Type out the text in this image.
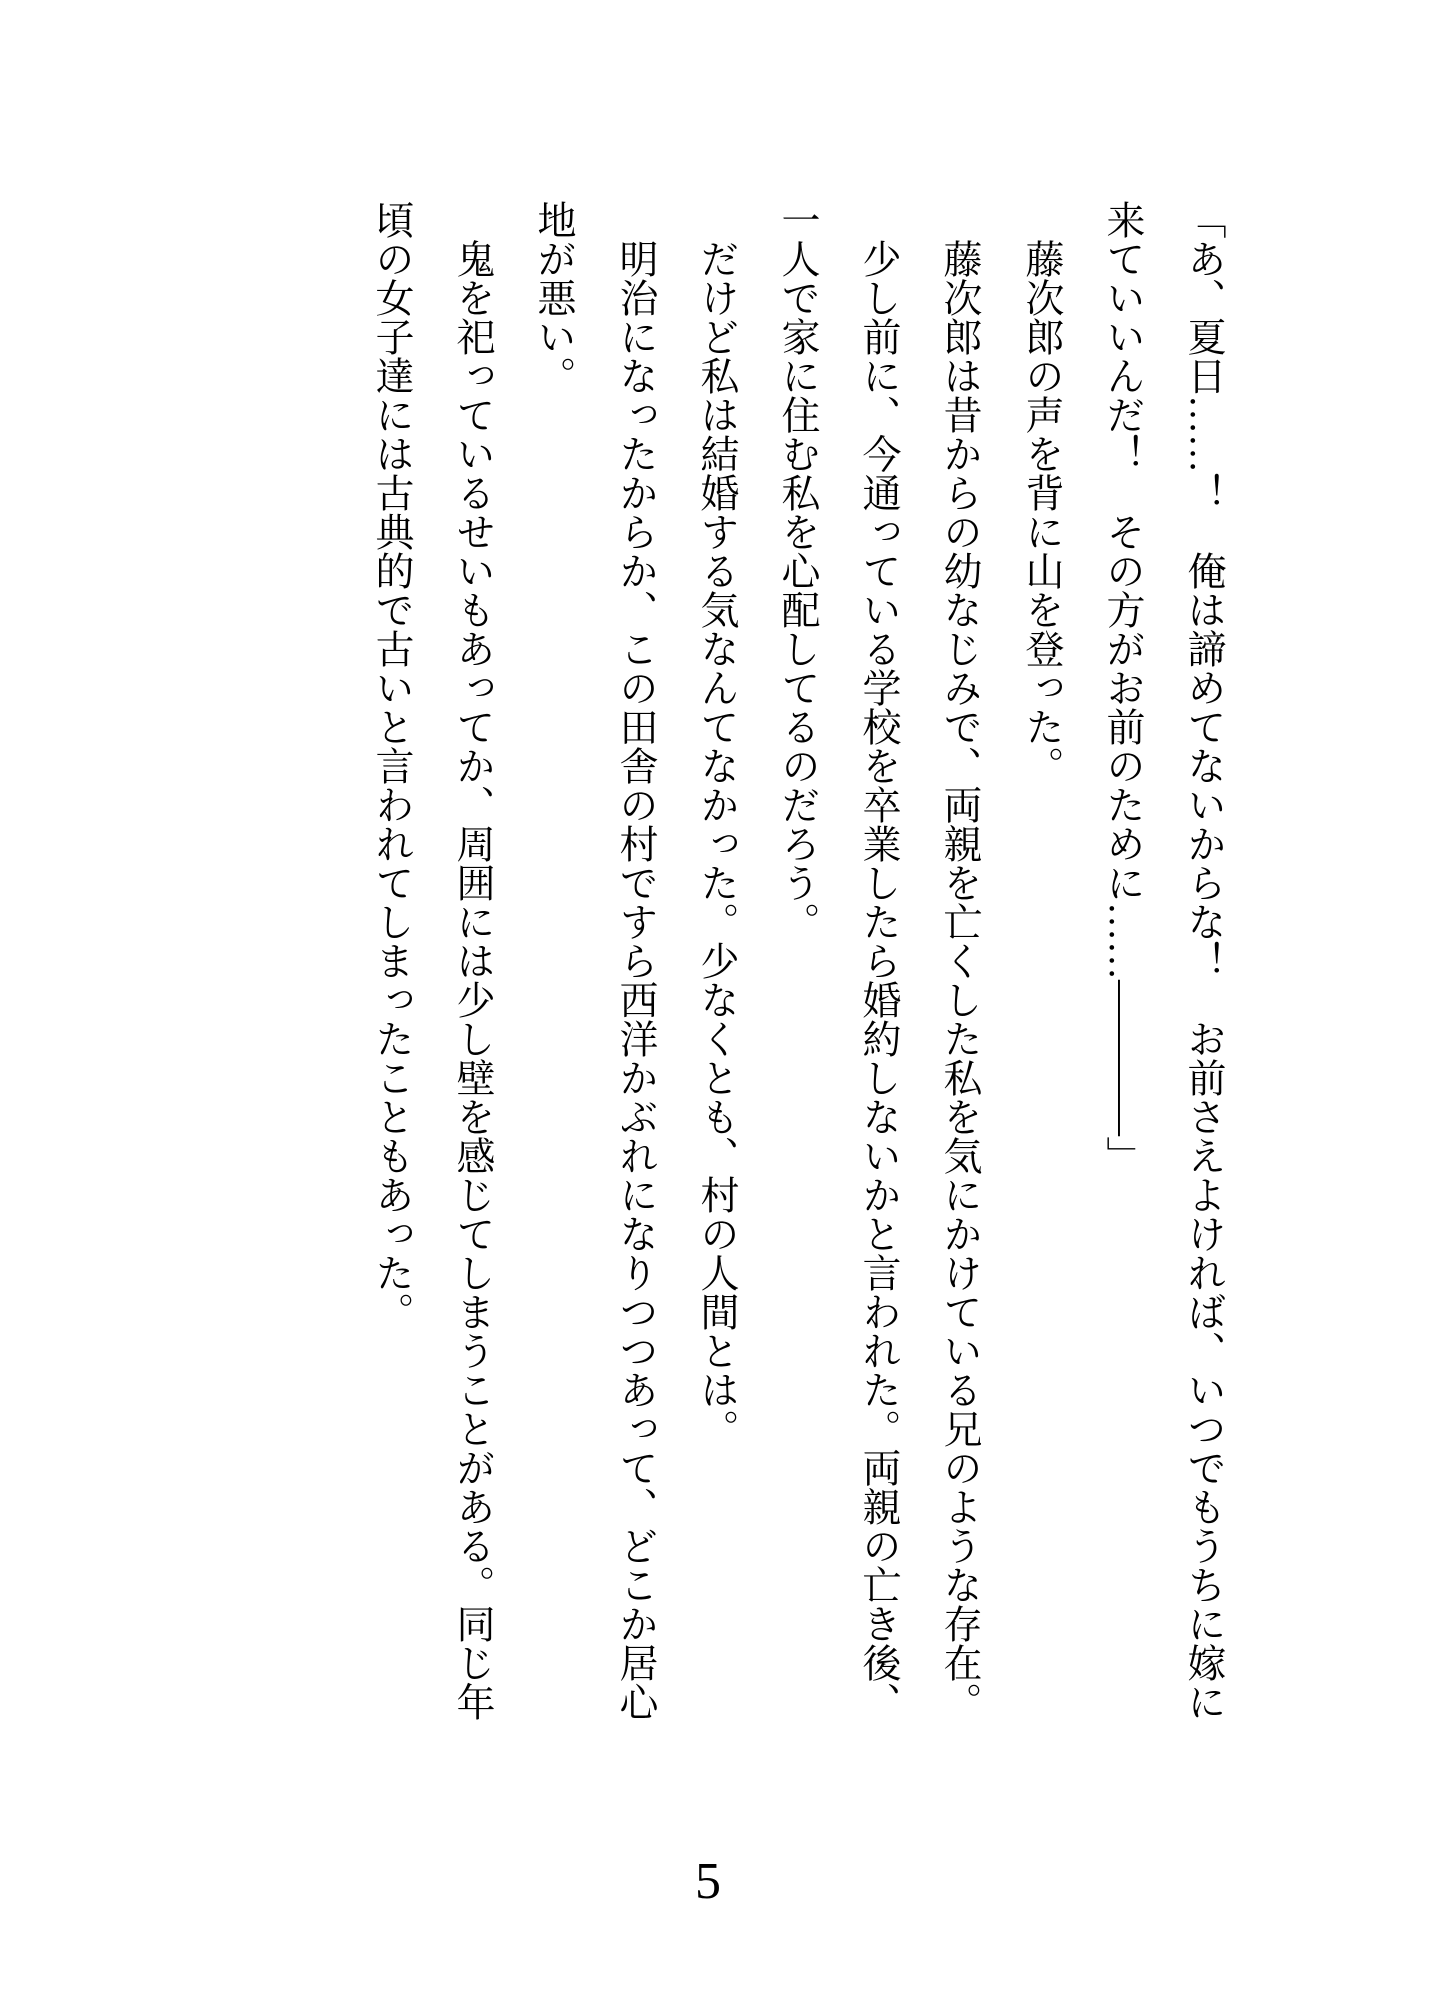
「あ、夏日……！　俺は諦めてないからな！　お前さえよければ、いつでもうちに嫁に
来ていいんだ！　その方がお前のために……――――」
藤次郎の声を背に山を登った。
藤次郎は昔からの幼なじみで、両親を亡くした私を気にかけている兄のような存在。
少し前に、今通っている学校を卒業したら婚約しないかと言われた。両親の亡き後、
一人で家に住む私を心配してるのだろう。
だけど私は結婚する気なんてなかった。少なくとも、村の人間とは。
明治になったからか、この田舎の村ですら西洋かぶれになりつつあって、どこか居心
地が悪い。
鬼を祀っているせいもあってか、周囲には少し壁を感じてしまうことがある。同じ年
頃の女子達には古典的で古いと言われてしまったこともあった。
5
